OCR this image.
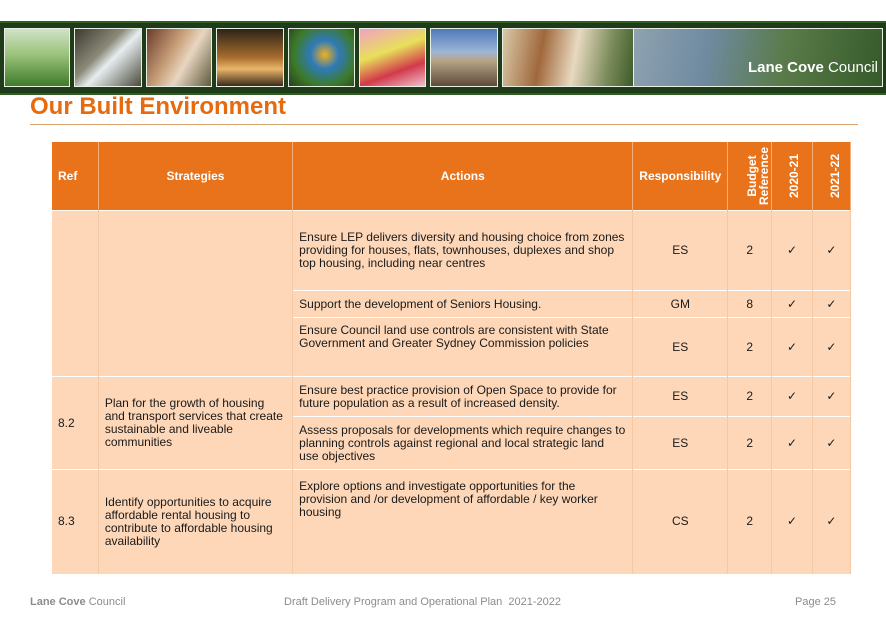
Lane Cove Council
Our Built Environment
Ref	Strategies	Actions	Responsibility	Budget Reference	2020-21	2021-22
		Ensure LEP delivers diversity and housing choice from zones providing for houses, flats, townhouses, duplexes and shop top housing, including near centres	ES	2	✓	✓
		Support the development of Seniors Housing.	GM	8	✓	✓
		Ensure Council land use controls are consistent with State Government and Greater Sydney Commission policies	ES	2	✓	✓
8.2	Plan for the growth of housing and transport services that create sustainable and liveable communities	Ensure best practice provision of Open Space to provide for future population as a result of increased density.	ES	2	✓	✓
		Assess proposals for developments which require changes to planning controls against regional and local strategic land use objectives	ES	2	✓	✓
8.3	Identify opportunities to acquire affordable rental housing to contribute to affordable housing availability	Explore options and investigate opportunities for the provision and /or development of affordable / key worker housing	CS	2	✓	✓
Lane Cove Council	Draft Delivery Program and Operational Plan 2021-2022	Page 25
